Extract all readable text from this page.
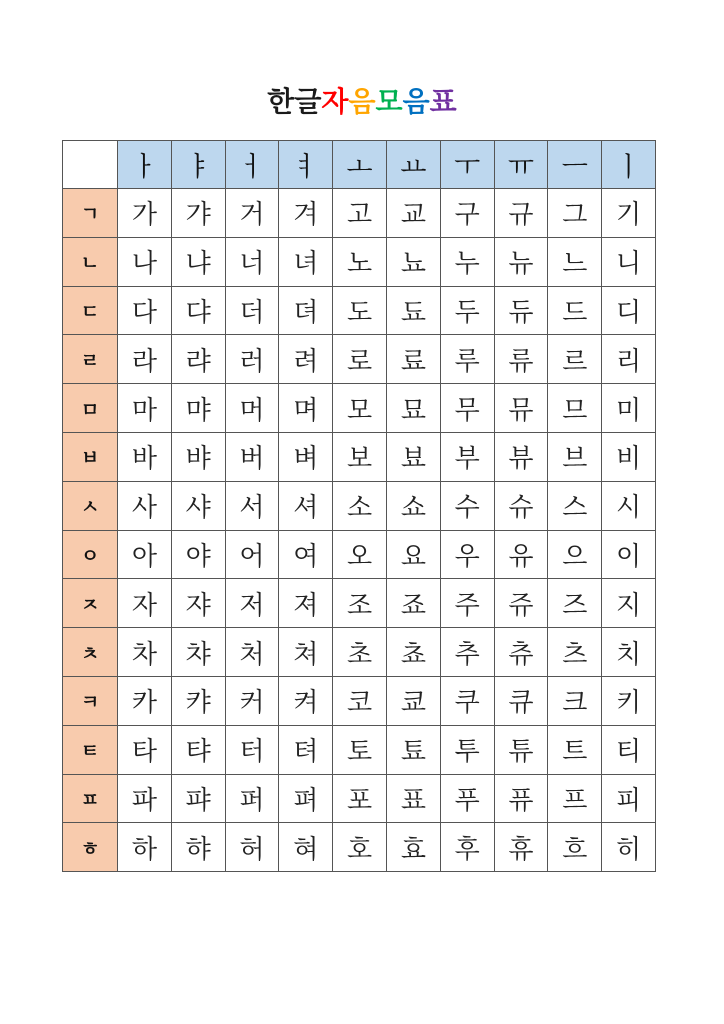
한글자음모음표
	ㅏ	ㅑ	ㅓ	ㅕ	ㅗ	ㅛ	ㅜ	ㅠ	ㅡ	ㅣ
ㄱ	가	갸	거	겨	고	교	구	규	그	기
ㄴ	나	냐	너	녀	노	뇨	누	뉴	느	니
ㄷ	다	댜	더	뎌	도	됴	두	듀	드	디
ㄹ	라	랴	러	려	로	료	루	류	르	리
ㅁ	마	먀	머	며	모	묘	무	뮤	므	미
ㅂ	바	뱌	버	벼	보	뵤	부	뷰	브	비
ㅅ	사	샤	서	셔	소	쇼	수	슈	스	시
ㅇ	아	야	어	여	오	요	우	유	으	이
ㅈ	자	쟈	저	져	조	죠	주	쥬	즈	지
ㅊ	차	챠	처	쳐	초	쵸	추	츄	츠	치
ㅋ	카	캬	커	켜	코	쿄	쿠	큐	크	키
ㅌ	타	탸	터	텨	토	툐	투	튜	트	티
ㅍ	파	퍄	퍼	펴	포	표	푸	퓨	프	피
ㅎ	하	햐	허	혀	호	효	후	휴	흐	히
